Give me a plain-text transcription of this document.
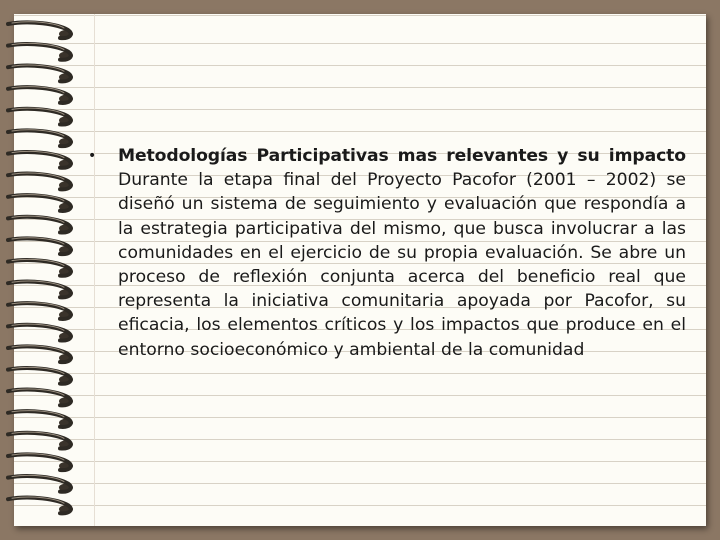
•	Metodologías Participativas mas relevantes y su impacto
Durante la etapa final del Proyecto Pacofor (2001 – 2002) se diseñó un sistema de seguimiento y evaluación que respondía a la estrategia participativa del mismo, que busca involucrar a las comunidades en el ejercicio de su propia evaluación. Se abre un proceso de reflexión conjunta acerca del beneficio real que representa la iniciativa comunitaria apoyada por Pacofor, su eficacia, los elementos críticos y los impactos que produce en el entorno socioeconómico y ambiental de la comunidad
